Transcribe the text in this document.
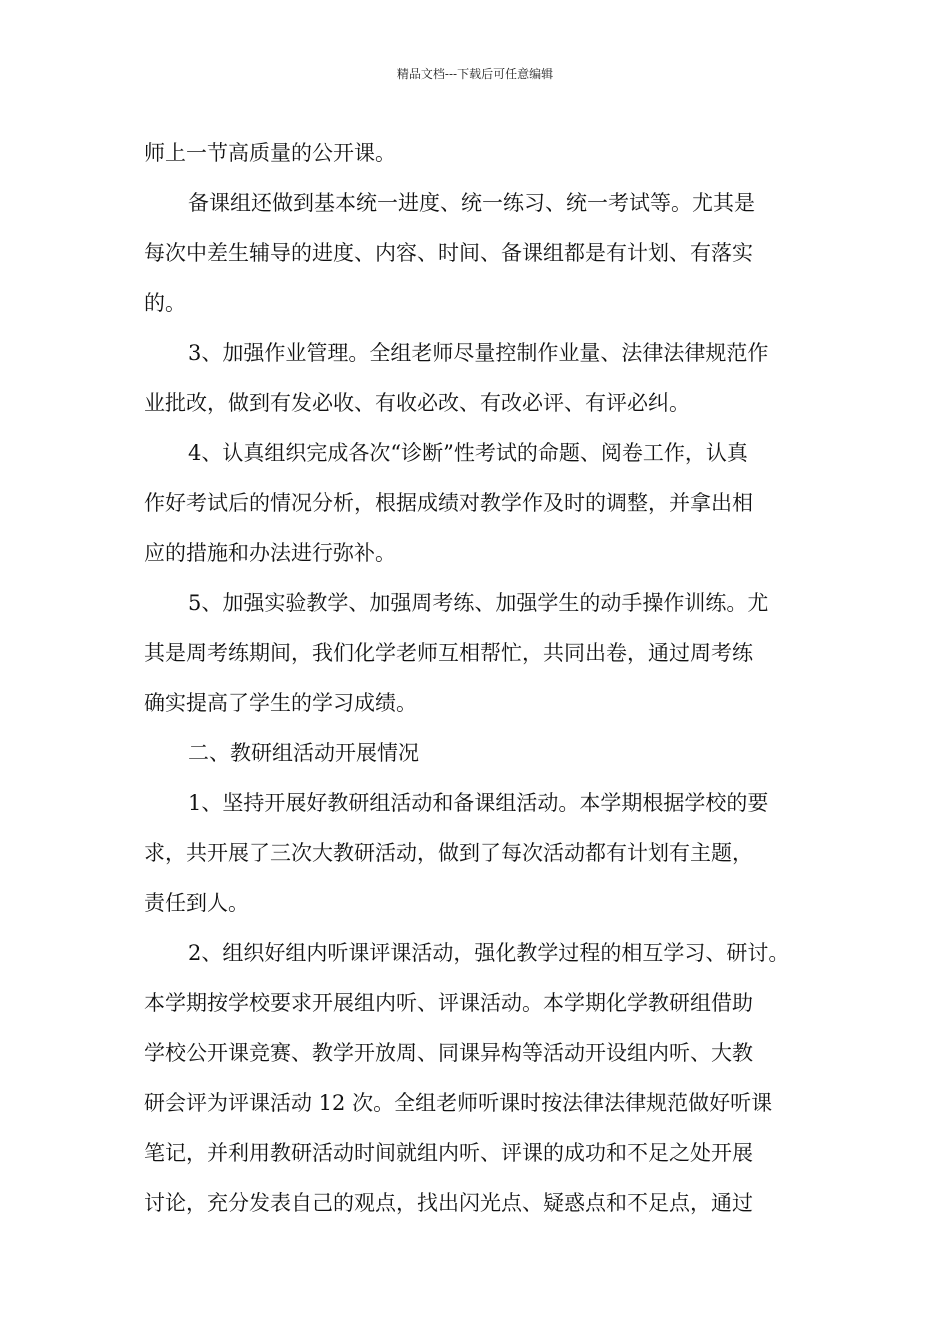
精品文档---下载后可任意编辑
师上一节高质量的公开课。
备课组还做到基本统一进度、统一练习、统一考试等。尤其是
每次中差生辅导的进度、内容、时间、备课组都是有计划、有落实
的。
3、加强作业管理。全组老师尽量控制作业量、法律法律规范作
业批改，做到有发必收、有收必改、有改必评、有评必纠。
4、认真组织完成各次“诊断”性考试的命题、阅卷工作，认真
作好考试后的情况分析，根据成绩对教学作及时的调整，并拿出相
应的措施和办法进行弥补。
5、加强实验教学、加强周考练、加强学生的动手操作训练。尤
其是周考练期间，我们化学老师互相帮忙，共同出卷，通过周考练
确实提高了学生的学习成绩。
二、教研组活动开展情况
1、坚持开展好教研组活动和备课组活动。本学期根据学校的要
求，共开展了三次大教研活动，做到了每次活动都有计划有主题，
责任到人。
2、组织好组内听课评课活动，强化教学过程的相互学习、研讨。
本学期按学校要求开展组内听、评课活动。本学期化学教研组借助
学校公开课竞赛、教学开放周、同课异构等活动开设组内听、大教
研会评为评课活动 12 次。全组老师听课时按法律法律规范做好听课
笔记，并利用教研活动时间就组内听、评课的成功和不足之处开展
讨论，充分发表自己的观点，找出闪光点、疑惑点和不足点，通过
